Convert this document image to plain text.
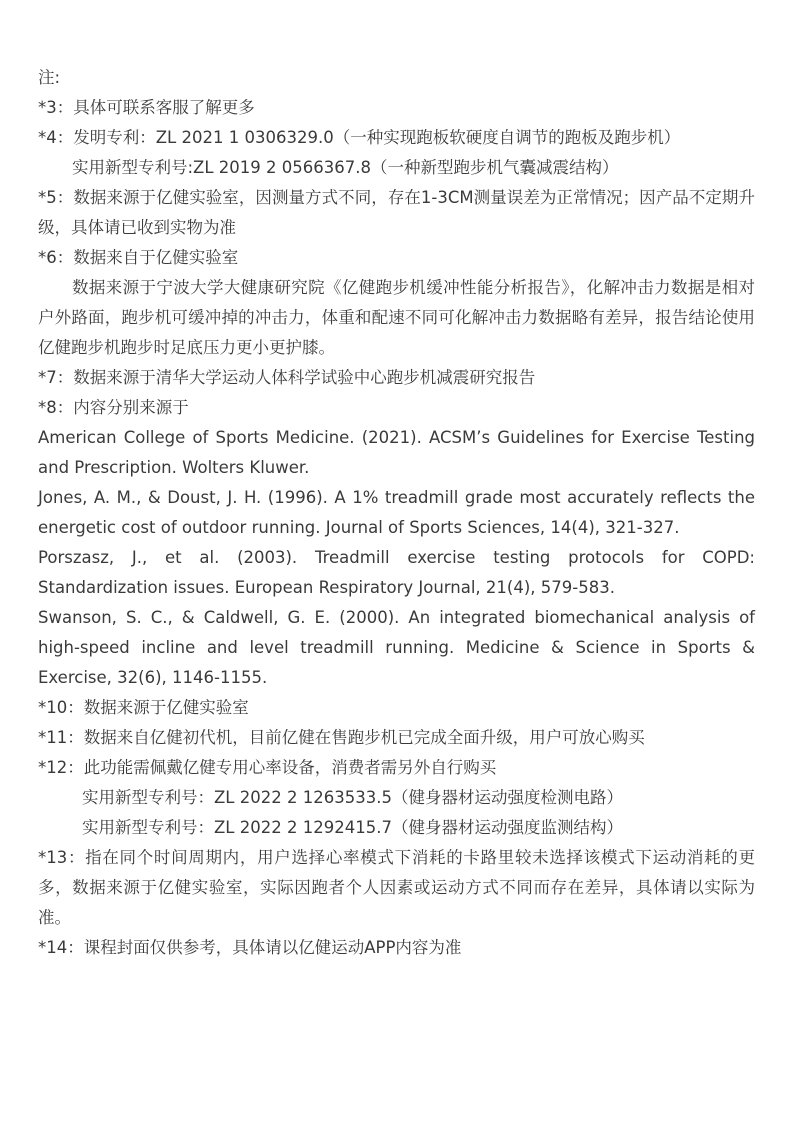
注:
*3：具体可联系客服了解更多
*4：发明专利：ZL 2021 1 0306329.0（一种实现跑板软硬度自调节的跑板及跑步机）
实用新型专利号:ZL 2019 2 0566367.8（一种新型跑步机气囊减震结构）
*5：数据来源于亿健实验室，因测量方式不同，存在1-3CM测量误差为正常情况；因产品不定期升级，具体请已收到实物为准
*6：数据来自于亿健实验室
数据来源于宁波大学大健康研究院《亿健跑步机缓冲性能分析报告》，化解冲击力数据是相对户外路面，跑步机可缓冲掉的冲击力，体重和配速不同可化解冲击力数据略有差异，报告结论使用亿健跑步机跑步时足底压力更小更护膝。
*7：数据来源于清华大学运动人体科学试验中心跑步机减震研究报告
*8：内容分别来源于
American College of Sports Medicine. (2021). ACSM’s Guidelines for Exercise Testing and Prescription. Wolters Kluwer.
Jones, A. M., & Doust, J. H. (1996). A 1% treadmill grade most accurately reflects the energetic cost of outdoor running. Journal of Sports Sciences, 14(4), 321-327.
Porszasz, J., et al. (2003). Treadmill exercise testing protocols for COPD: Standardization issues. European Respiratory Journal, 21(4), 579-583.
Swanson, S. C., & Caldwell, G. E. (2000). An integrated biomechanical analysis of high-speed incline and level treadmill running. Medicine & Science in Sports & Exercise, 32(6), 1146-1155.
*10：数据来源于亿健实验室
*11：数据来自亿健初代机，目前亿健在售跑步机已完成全面升级，用户可放心购买
*12：此功能需佩戴亿健专用心率设备，消费者需另外自行购买
实用新型专利号：ZL 2022 2 1263533.5（健身器材运动强度检测电路）
实用新型专利号：ZL 2022 2 1292415.7（健身器材运动强度监测结构）
*13：指在同个时间周期内，用户选择心率模式下消耗的卡路里较未选择该模式下运动消耗的更多，数据来源于亿健实验室，实际因跑者个人因素或运动方式不同而存在差异，具体请以实际为准。
*14：课程封面仅供参考，具体请以亿健运动APP内容为准
